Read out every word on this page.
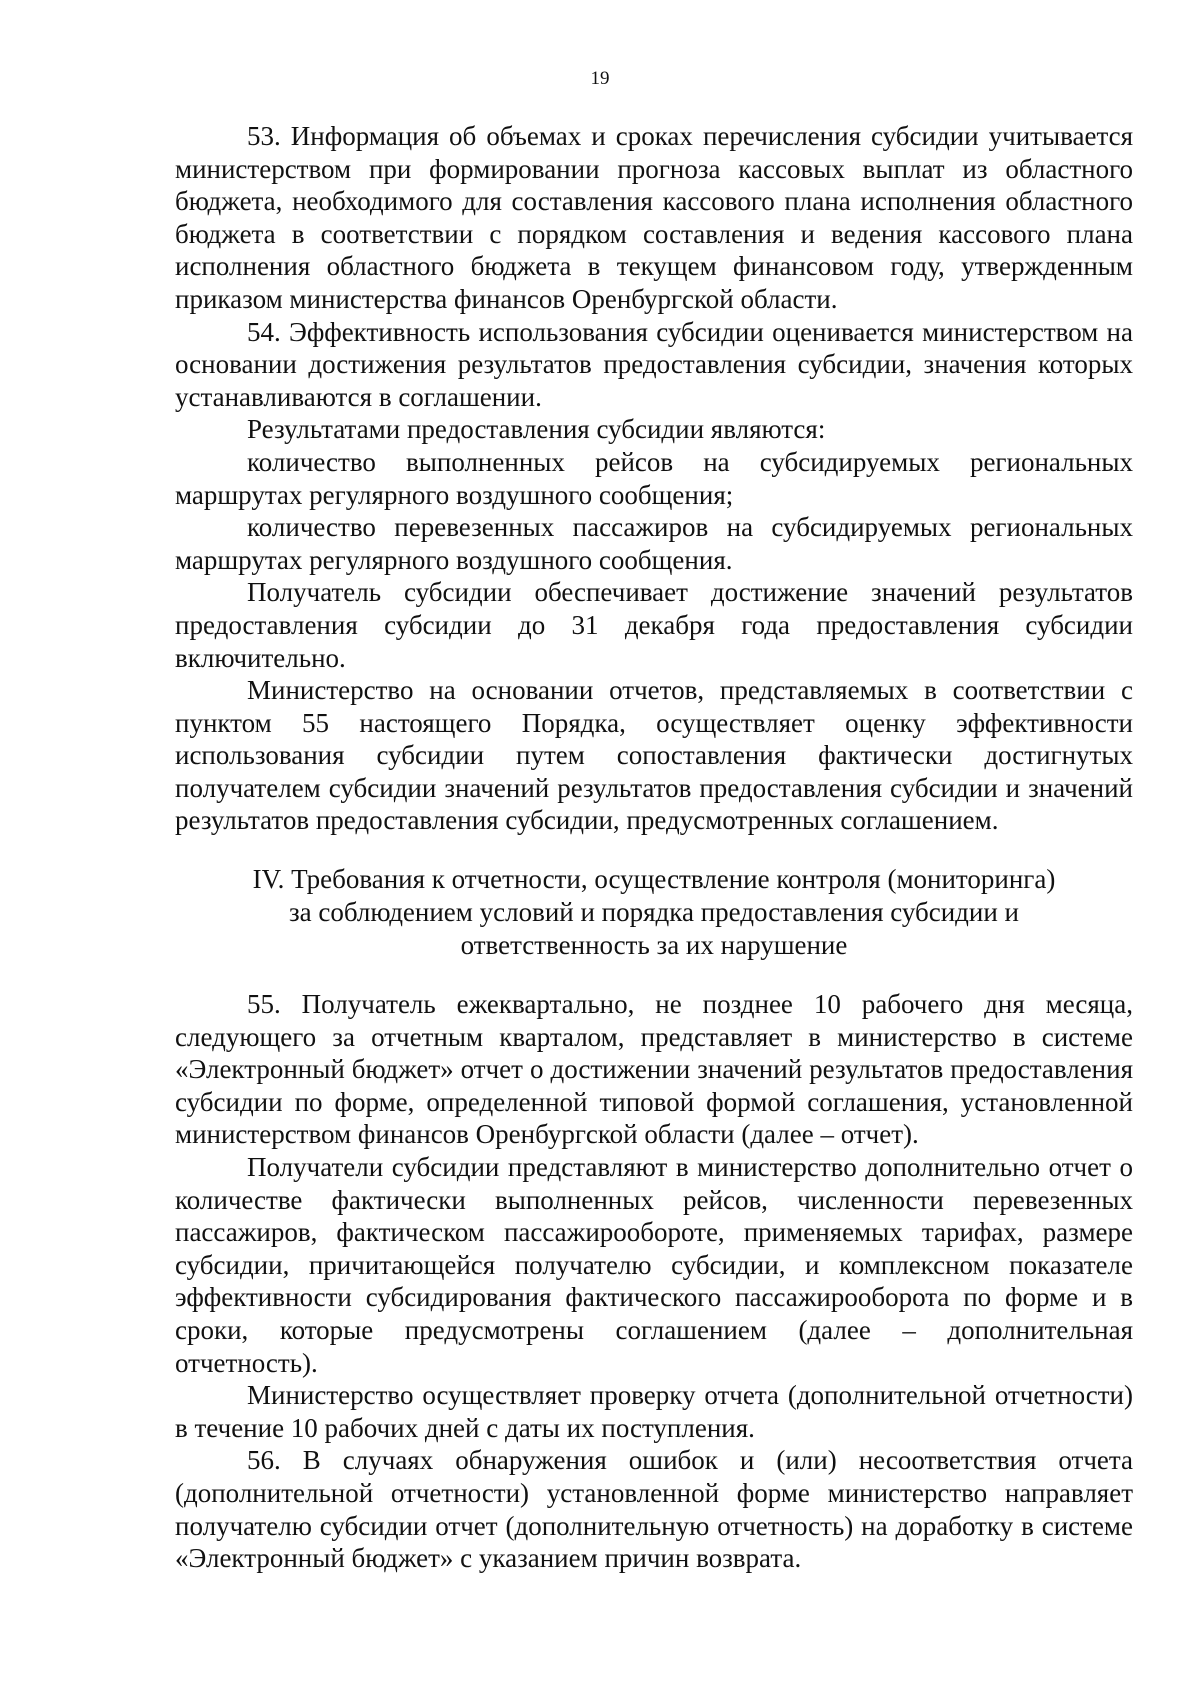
19

53. Информация об объемах и сроках перечисления субсидии учитывается министерством при формировании прогноза кассовых выплат из областного бюджета, необходимого для составления кассового плана исполнения областного бюджета в соответствии с порядком составления и ведения кассового плана исполнения областного бюджета в текущем финансовом году, утвержденным приказом министерства финансов Оренбургской области.

54. Эффективность использования субсидии оценивается министерством на основании достижения результатов предоставления субсидии, значения которых устанавливаются в соглашении.

Результатами предоставления субсидии являются:

количество выполненных рейсов на субсидируемых региональных маршрутах регулярного воздушного сообщения;

количество перевезенных пассажиров на субсидируемых региональных маршрутах регулярного воздушного сообщения.

Получатель субсидии обеспечивает достижение значений результатов предоставления субсидии до 31 декабря года предоставления субсидии включительно.

Министерство на основании отчетов, представляемых в соответствии с пунктом 55 настоящего Порядка, осуществляет оценку эффективности использования субсидии путем сопоставления фактически достигнутых получателем субсидии значений результатов предоставления субсидии и значений результатов предоставления субсидии, предусмотренных соглашением.

IV. Требования к отчетности, осуществление контроля (мониторинга)
за соблюдением условий и порядка предоставления субсидии и
ответственность за их нарушение

55. Получатель ежеквартально, не позднее 10 рабочего дня месяца, следующего за отчетным кварталом, представляет в министерство в системе «Электронный бюджет» отчет о достижении значений результатов предоставления субсидии по форме, определенной типовой формой соглашения, установленной министерством финансов Оренбургской области (далее – отчет).

Получатели субсидии представляют в министерство дополнительно отчет о количестве фактически выполненных рейсов, численности перевезенных пассажиров, фактическом пассажирообороте, применяемых тарифах, размере субсидии, причитающейся получателю субсидии, и комплексном показателе эффективности субсидирования фактического пассажирооборота по форме и в сроки, которые предусмотрены соглашением (далее – дополнительная отчетность).

Министерство осуществляет проверку отчета (дополнительной отчетности) в течение 10 рабочих дней с даты их поступления.

56. В случаях обнаружения ошибок и (или) несоответствия отчета (дополнительной отчетности) установленной форме министерство направляет получателю субсидии отчет (дополнительную отчетность) на доработку в системе «Электронный бюджет» с указанием причин возврата.
